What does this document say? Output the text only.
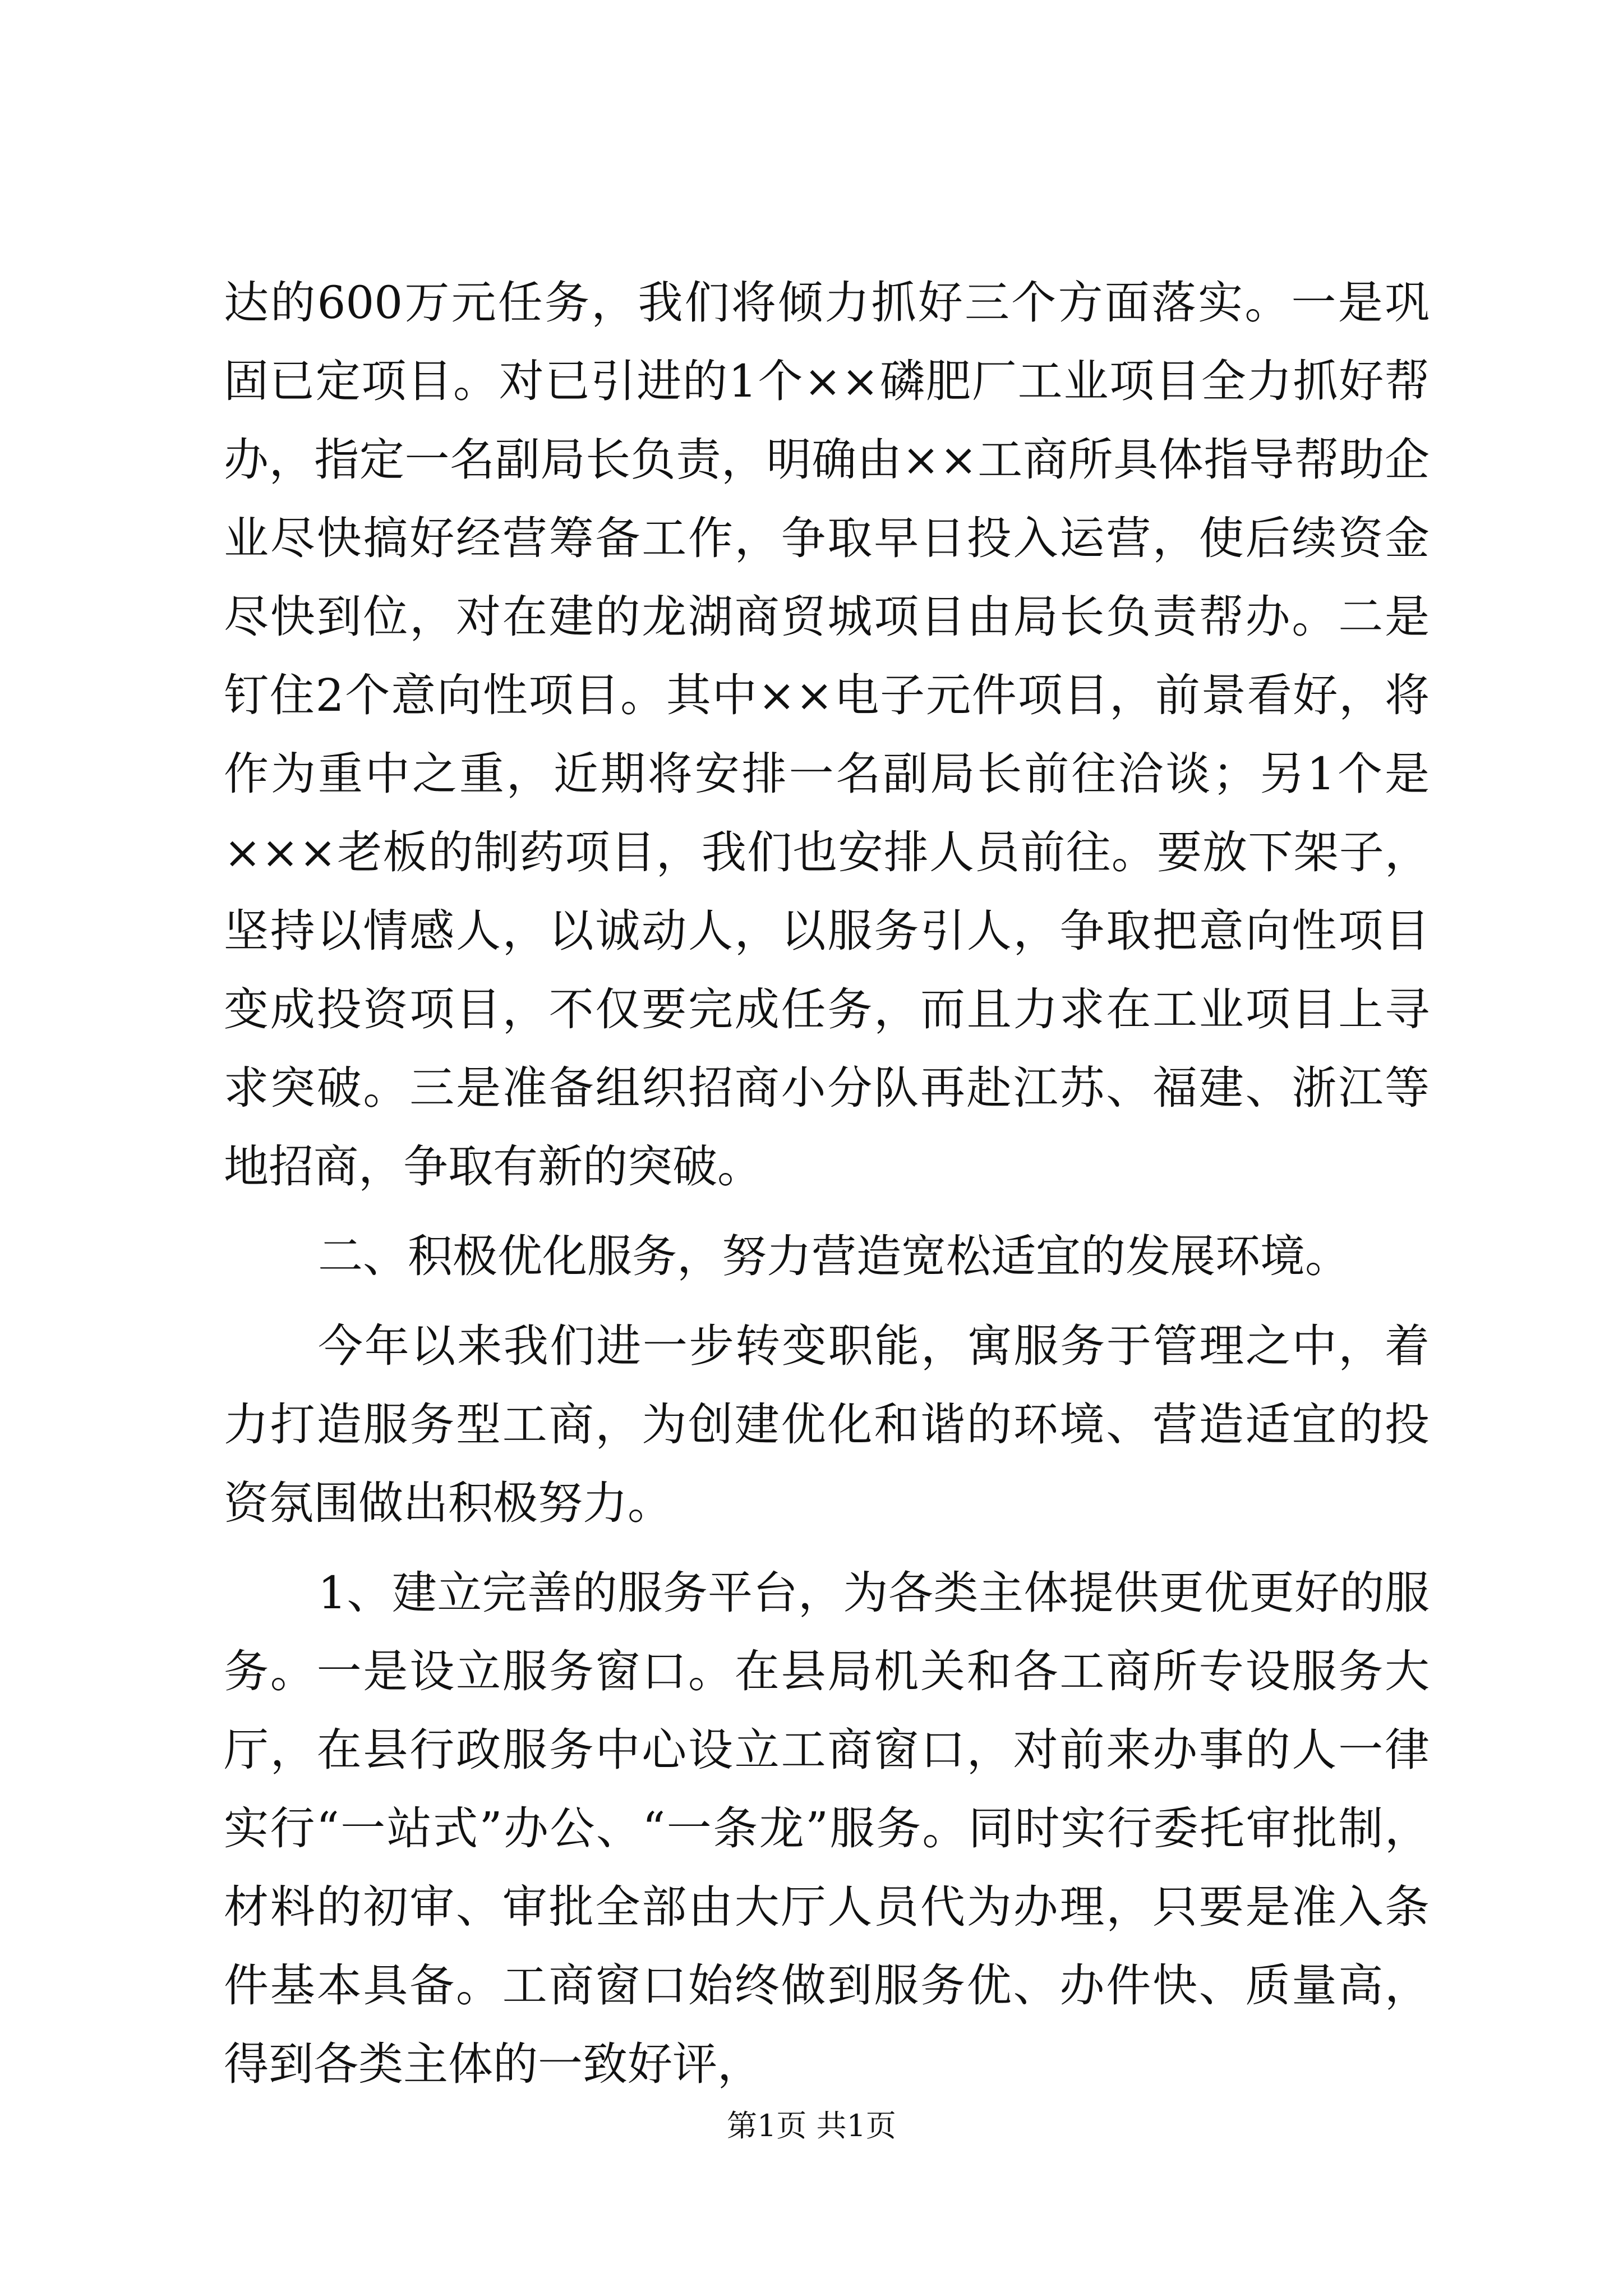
达的600万元任务，我们将倾力抓好三个方面落实。一是巩固已定项目。对已引进的1个××磷肥厂工业项目全力抓好帮办，指定一名副局长负责，明确由××工商所具体指导帮助企业尽快搞好经营筹备工作，争取早日投入运营，使后续资金尽快到位，对在建的龙湖商贸城项目由局长负责帮办。二是钉住2个意向性项目。其中××电子元件项目，前景看好，将作为重中之重，近期将安排一名副局长前往洽谈；另1个是×××老板的制药项目，我们也安排人员前往。要放下架子，坚持以情感人，以诚动人，以服务引人，争取把意向性项目变成投资项目，不仅要完成任务，而且力求在工业项目上寻求突破。三是准备组织招商小分队再赴江苏、福建、浙江等地招商，争取有新的突破。

二、积极优化服务，努力营造宽松适宜的发展环境。

今年以来我们进一步转变职能，寓服务于管理之中，着力打造服务型工商，为创建优化和谐的环境、营造适宜的投资氛围做出积极努力。

1、建立完善的服务平台，为各类主体提供更优更好的服务。一是设立服务窗口。在县局机关和各工商所专设服务大厅，在县行政服务中心设立工商窗口，对前来办事的人一律实行“一站式”办公、“一条龙”服务。同时实行委托审批制，材料的初审、审批全部由大厅人员代为办理，只要是准入条件基本具备。工商窗口始终做到服务优、办件快、质量高，得到各类主体的一致好评，

第1页 共1页
